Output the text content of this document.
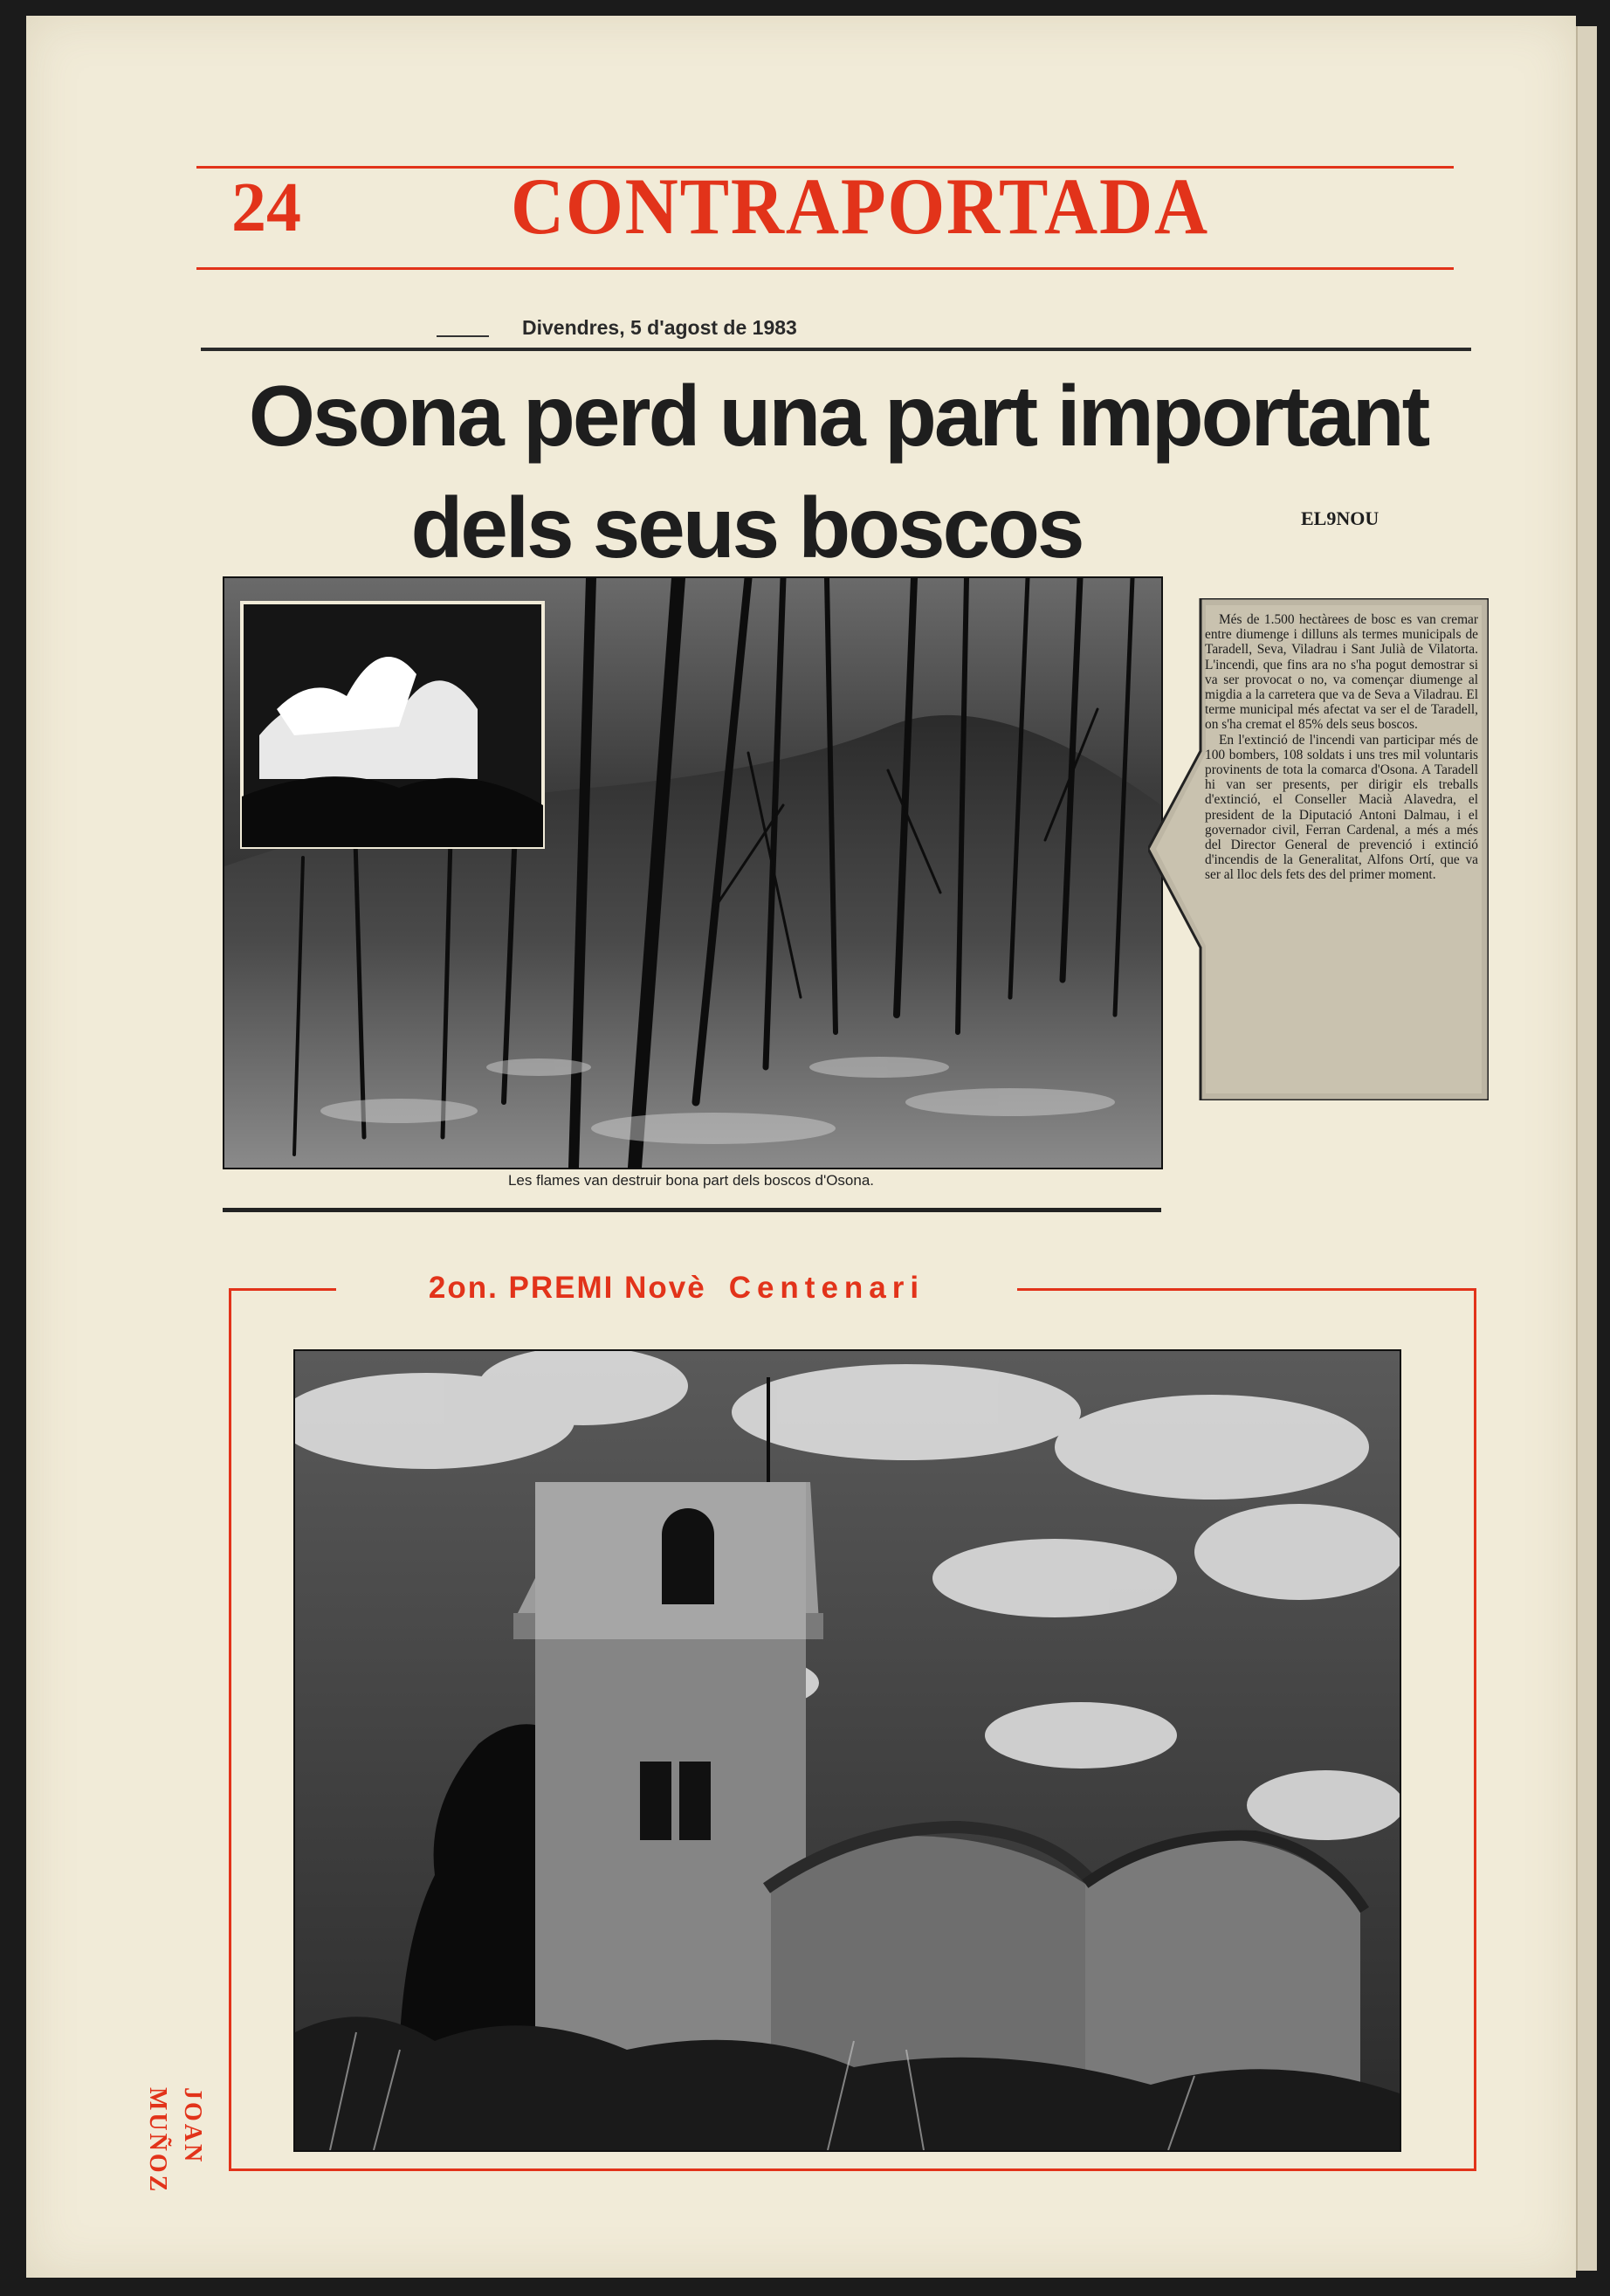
24	CONTRAPORTADA
Divendres, 5 d'agost de 1983
Osona perd una part important
dels seus boscos	EL9NOU
Les flames van destruir bona part dels boscos d'Osona.

Més de 1.500 hectàrees de bosc es van cremar entre diumenge i dilluns als termes municipals de Taradell, Seva, Viladrau i Sant Julià de Vilatorta. L'incendi, que fins ara no s'ha pogut demostrar si va ser provocat o no, va començar diumenge al migdia a la carretera que va de Seva a Viladrau. El terme municipal més afectat va ser el de Taradell, on s'ha cremat el 85% dels seus boscos.

En l'extinció de l'incendi van participar més de 100 bombers, 108 soldats i uns tres mil voluntaris provinents de tota la comarca d'Osona. A Taradell hi van ser presents, per dirigir els treballs d'extinció, el Conseller Macià Alavedra, el president de la Diputació Antoni Dalmau, i el governador civil, Ferran Cardenal, a més a més del Director General de prevenció i extinció d'incendis de la Generalitat, Alfons Ortí, que va ser al lloc dels fets des del primer moment.

2on. PREMI Novè Centenari
JOAN MUÑOZ
